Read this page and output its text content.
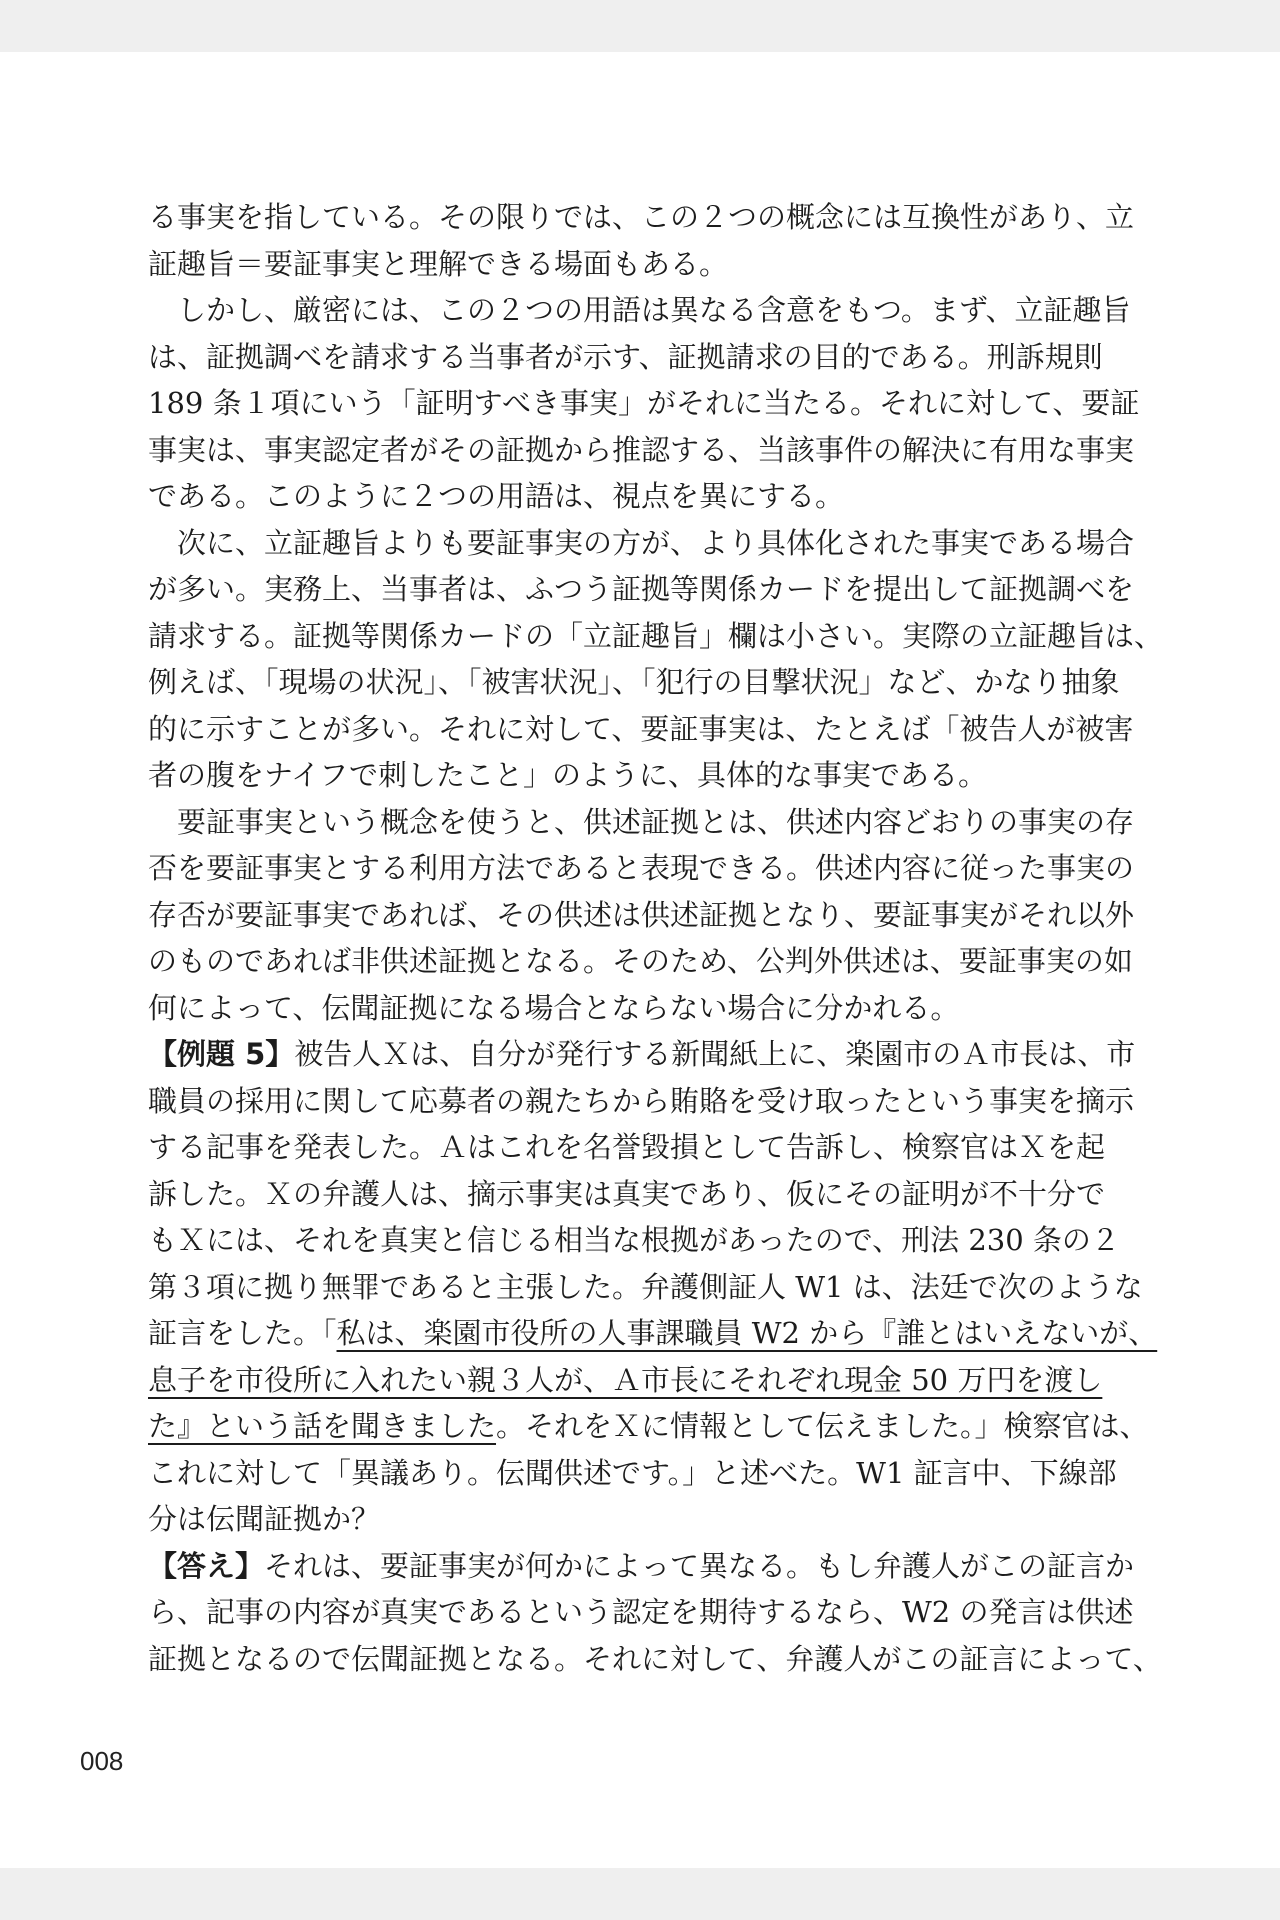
る事実を指している。その限りでは、この２つの概念には互換性があり、立
証趣旨＝要証事実と理解できる場面もある。
　しかし、厳密には、この２つの用語は異なる含意をもつ。まず、立証趣旨
は、証拠調べを請求する当事者が示す、証拠請求の目的である。刑訴規則
189 条１項にいう「証明すべき事実」がそれに当たる。それに対して、要証
事実は、事実認定者がその証拠から推認する、当該事件の解決に有用な事実
である。このように２つの用語は、視点を異にする。
　次に、立証趣旨よりも要証事実の方が、より具体化された事実である場合
が多い。実務上、当事者は、ふつう証拠等関係カードを提出して証拠調べを
請求する。証拠等関係カードの「立証趣旨」欄は小さい。実際の立証趣旨は、
例えば、「現場の状況」、「被害状況」、「犯行の目撃状況」など、かなり抽象
的に示すことが多い。それに対して、要証事実は、たとえば「被告人が被害
者の腹をナイフで刺したこと」のように、具体的な事実である。
　要証事実という概念を使うと、供述証拠とは、供述内容どおりの事実の存
否を要証事実とする利用方法であると表現できる。供述内容に従った事実の
存否が要証事実であれば、その供述は供述証拠となり、要証事実がそれ以外
のものであれば非供述証拠となる。そのため、公判外供述は、要証事実の如
何によって、伝聞証拠になる場合とならない場合に分かれる。
【例題 5】被告人Ｘは、自分が発行する新聞紙上に、楽園市のＡ市長は、市
職員の採用に関して応募者の親たちから賄賂を受け取ったという事実を摘示
する記事を発表した。Ａはこれを名誉毀損として告訴し、検察官はＸを起
訴した。Ｘの弁護人は、摘示事実は真実であり、仮にその証明が不十分で
もＸには、それを真実と信じる相当な根拠があったので、刑法 230 条の２
第３項に拠り無罪であると主張した。弁護側証人 W1 は、法廷で次のような
証言をした。「私は、楽園市役所の人事課職員 W2 から『誰とはいえないが、
息子を市役所に入れたい親３人が、Ａ市長にそれぞれ現金 50 万円を渡し
た』という話を聞きました。それをＸに情報として伝えました。」検察官は、
これに対して「異議あり。伝聞供述です。」と述べた。W1 証言中、下線部
分は伝聞証拠か？
【答え】それは、要証事実が何かによって異なる。もし弁護人がこの証言か
ら、記事の内容が真実であるという認定を期待するなら、W2 の発言は供述
証拠となるので伝聞証拠となる。それに対して、弁護人がこの証言によって、
008
